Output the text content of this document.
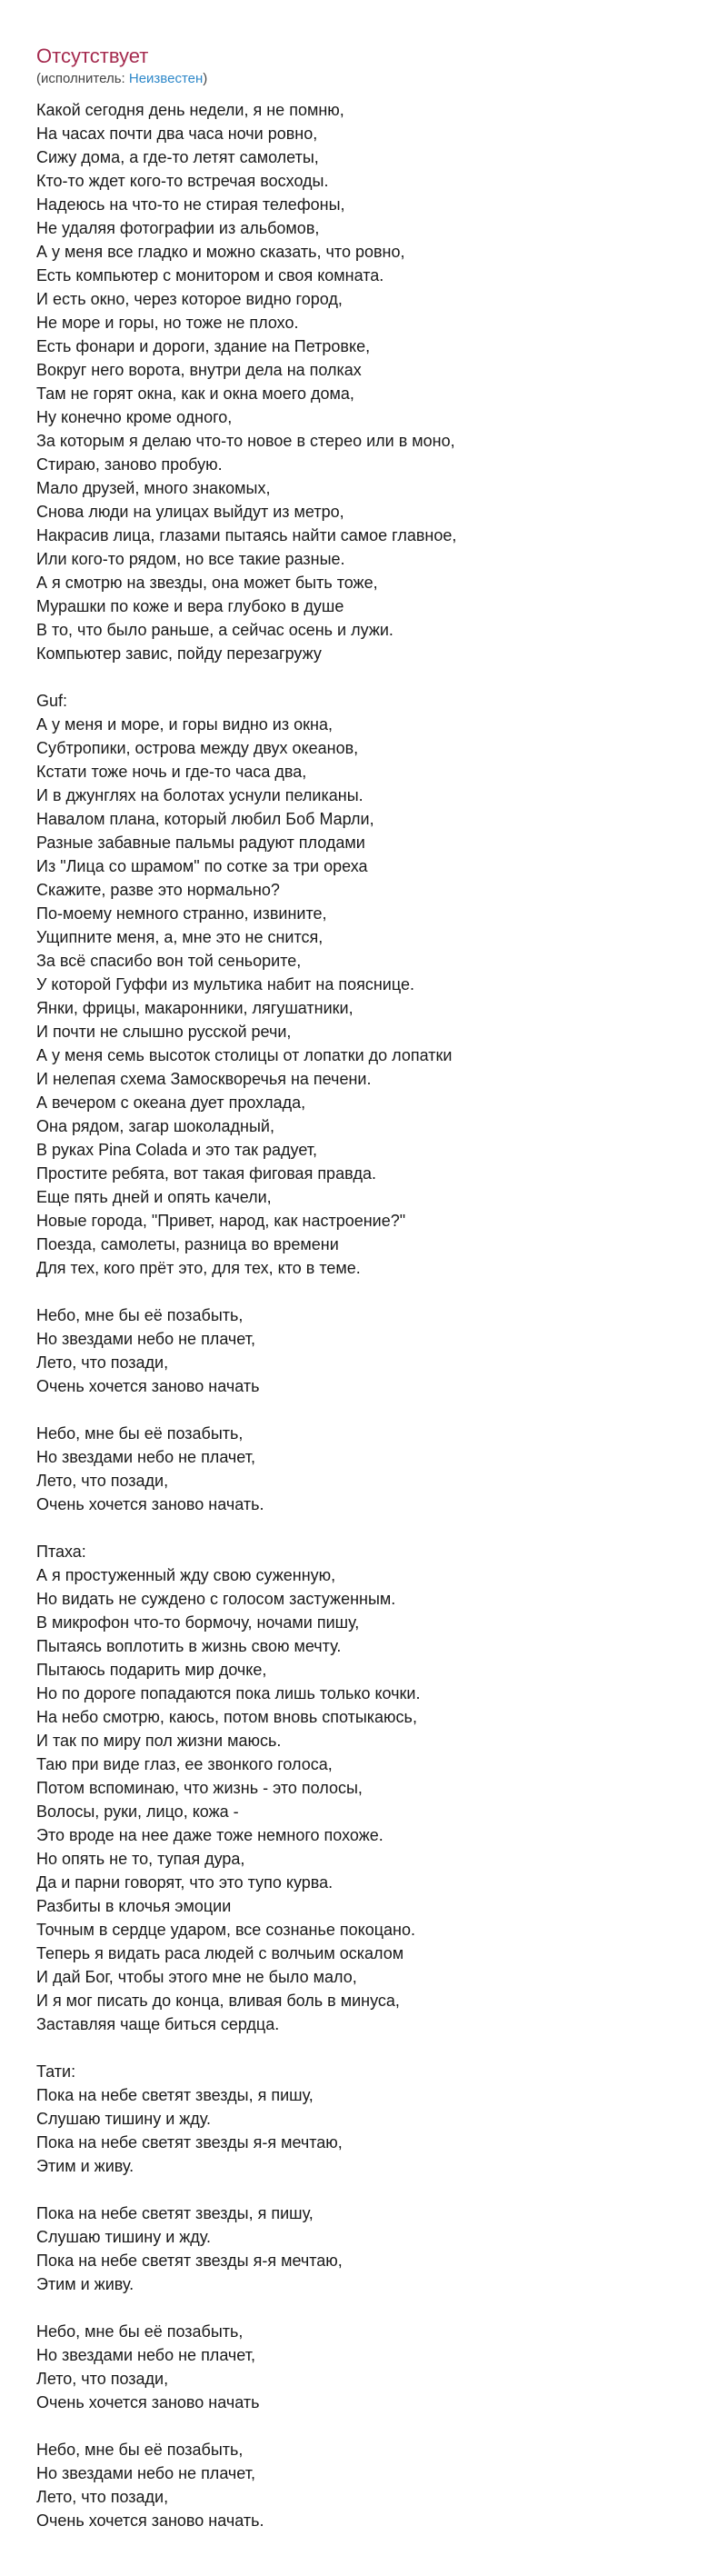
Отсутствует
(исполнитель: Неизвестен)
Какой сегодня день недели, я не помню,
На часах почти два часа ночи ровно,
Сижу дома, а где-то летят самолеты,
Кто-то ждет кого-то встречая восходы.
Надеюсь на что-то не стирая телефоны,
Не удаляя фотографии из альбомов,
А у меня все гладко и можно сказать, что ровно,
Есть компьютер с монитором и своя комната.
И есть окно, через которое видно город,
Не море и горы, но тоже не плохо.
Есть фонари и дороги, здание на Петровке,
Вокруг него ворота, внутри дела на полках
Там не горят окна, как и окна моего дома,
Ну конечно кроме одного,
За которым я делаю что-то новое в стерео или в моно,
Стираю, заново пробую.
Мало друзей, много знакомых,
Снова люди на улицах выйдут из метро,
Накрасив лица, глазами пытаясь найти самое главное,
Или кого-то рядом, но все такие разные.
А я смотрю на звезды, она может быть тоже,
Мурашки по коже и вера глубоко в душе
В то, что было раньше, а сейчас осень и лужи.
Компьютер завис, пойду перезагружу
Guf:
А у меня и море, и горы видно из окна,
Субтропики, острова между двух океанов,
Кстати тоже ночь и где-то часа два,
И в джунглях на болотах уснули пеликаны.
Навалом плана, который любил Боб Марли,
Разные забавные пальмы радуют плодами
Из "Лица со шрамом" по сотке за три ореха
Скажите, разве это нормально?
По-моему немного странно, извините,
Ущипните меня, а, мне это не снится,
За всё спасибо вон той сеньорите,
У которой Гуффи из мультика набит на пояснице.
Янки, фрицы, макаронники, лягушатники,
И почти не слышно русской речи,
А у меня семь высоток столицы от лопатки до лопатки
И нелепая схема Замоскворечья на печени.
А вечером с океана дует прохлада,
Она рядом, загар шоколадный,
В руках Pina Colada и это так радует,
Простите ребята, вот такая фиговая правда.
Еще пять дней и опять качели,
Новые города, "Привет, народ, как настроение?"
Поезда, самолеты, разница во времени
Для тех, кого прёт это, для тех, кто в теме.
Небо, мне бы её позабыть,
Но звездами небо не плачет,
Лето, что позади,
Очень хочется заново начать
Небо, мне бы её позабыть,
Но звездами небо не плачет,
Лето, что позади,
Очень хочется заново начать.
Птаха:
А я простуженный жду свою суженную,
Но видать не суждено с голосом застуженным.
В микрофон что-то бормочу, ночами пишу,
Пытаясь воплотить в жизнь свою мечту.
Пытаюсь подарить мир дочке,
Но по дороге попадаются пока лишь только кочки.
На небо смотрю, каюсь, потом вновь спотыкаюсь,
И так по миру пол жизни маюсь.
Таю при виде глаз, ее звонкого голоса,
Потом вспоминаю, что жизнь - это полосы,
Волосы, руки, лицо, кожа -
Это вроде на нее даже тоже немного похоже.
Но опять не то, тупая дура,
Да и парни говорят, что это тупо курва.
Разбиты в клочья эмоции
Точным в сердце ударом, все сознанье покоцано.
Теперь я видать раса людей с волчьим оскалом
И дай Бог, чтобы этого мне не было мало,
И я мог писать до конца, вливая боль в минуса,
Заставляя чаще биться сердца.
Тати:
Пока на небе светят звезды, я пишу,
Слушаю тишину и жду.
Пока на небе светят звезды я-я мечтаю,
Этим и живу.
Пока на небе светят звезды, я пишу,
Слушаю тишину и жду.
Пока на небе светят звезды я-я мечтаю,
Этим и живу.
Небо, мне бы её позабыть,
Но звездами небо не плачет,
Лето, что позади,
Очень хочется заново начать
Небо, мне бы её позабыть,
Но звездами небо не плачет,
Лето, что позади,
Очень хочется заново начать.
